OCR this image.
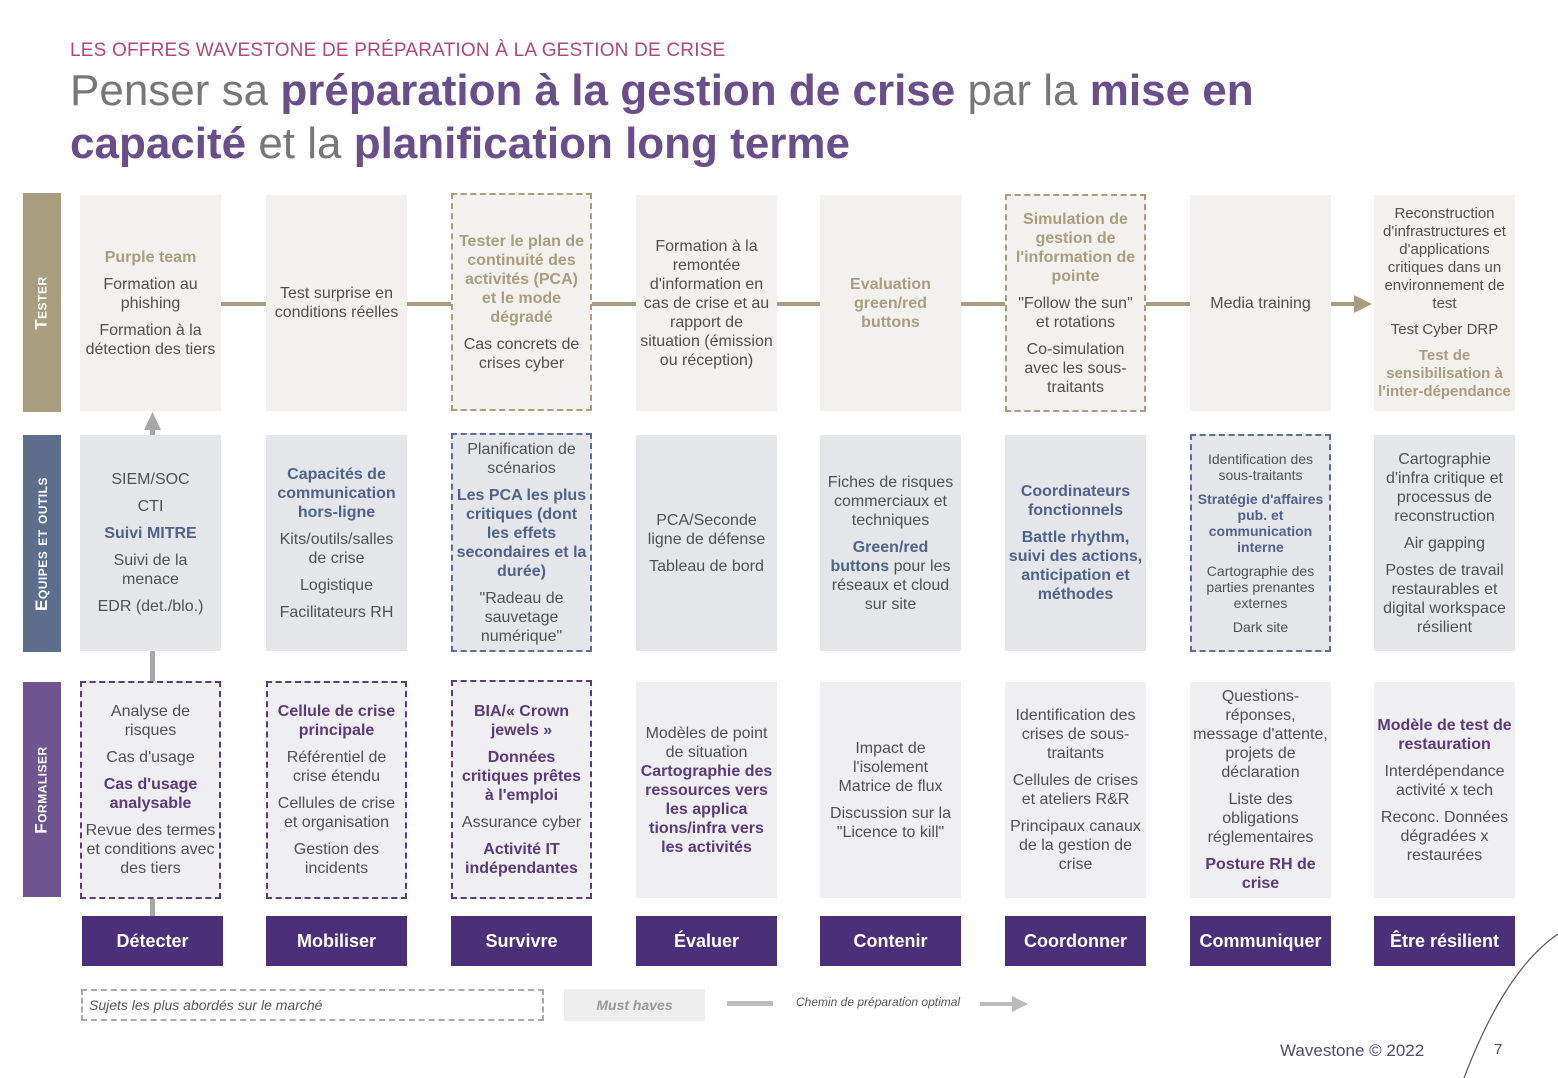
LES OFFRES WAVESTONE DE PRÉPARATION À LA GESTION DE CRISE
Penser sa préparation à la gestion de crise par la mise en capacité et la planification long terme
Tester
Equipes et outils
Formaliser

Purple team

Formation au phishing

Formation à la détection des tiers

Test surprise en conditions réelles

Tester le plan de continuité des activités (PCA) et le mode dégradé

Cas concrets de crises cyber

Formation à la remontée d'information en cas de crise et au rapport de situation (émission ou réception)

Evaluation green/red buttons

Simulation de gestion de l'information de pointe

"Follow the sun" et rotations

Co-simulation avec les sous-traitants

Media training

Reconstruction d'infrastructures et d'applications critiques dans un environnement de test

Test Cyber DRP

Test de sensibilisation à l'inter-dépendance

SIEM/SOC

CTI

Suivi MITRE

Suivi de la menace

EDR (det./blo.)

Capacités de communication hors-ligne

Kits/outils/salles de crise

Logistique

Facilitateurs RH

Planification de scénarios

Les PCA les plus critiques (dont les effets secondaires et la durée)

"Radeau de sauvetage numérique"

PCA/Seconde ligne de défense

Tableau de bord

Fiches de risques commerciaux et techniques

Green/red buttons pour les réseaux et cloud sur site

Coordinateurs fonctionnels

Battle rhythm, suivi des actions, anticipation et méthodes

Identification des sous-traitants

Stratégie d'affaires pub. et communication interne

Cartographie des parties prenantes externes

Dark site

Cartographie d'infra critique et processus de reconstruction

Air gapping

Postes de travail restaurables et digital workspace résilient

Analyse de risques

Cas d'usage

Cas d'usage analysable

Revue des termes et conditions avec des tiers

Cellule de crise principale

Référentiel de crise étendu

Cellules de crise et organisation

Gestion des incidents

BIA/« Crown jewels »

Données critiques prêtes à l'emploi

Assurance cyber

Activité IT indépendantes

Modèles de point de situation

Cartographie des ressources vers les applica tions/infra vers les activités

Impact de l'isolement

Matrice de flux

Discussion sur la "Licence to kill"

Identification des crises de sous-traitants

Cellules de crises et ateliers R&R

Principaux canaux de la gestion de crise

Questions-réponses, message d'attente, projets de déclaration

Liste des obligations réglementaires

Posture RH de crise

Modèle de test de restauration

Interdépendance activité x tech

Reconc. Données dégradées x restaurées

Détecter	Mobiliser	Survivre	Évaluer	Contenir	Coordonner	Communiquer	Être résilient
Sujets les plus abordés sur le marché	Must haves	Chemin de préparation optimal
Wavestone © 2022	7
